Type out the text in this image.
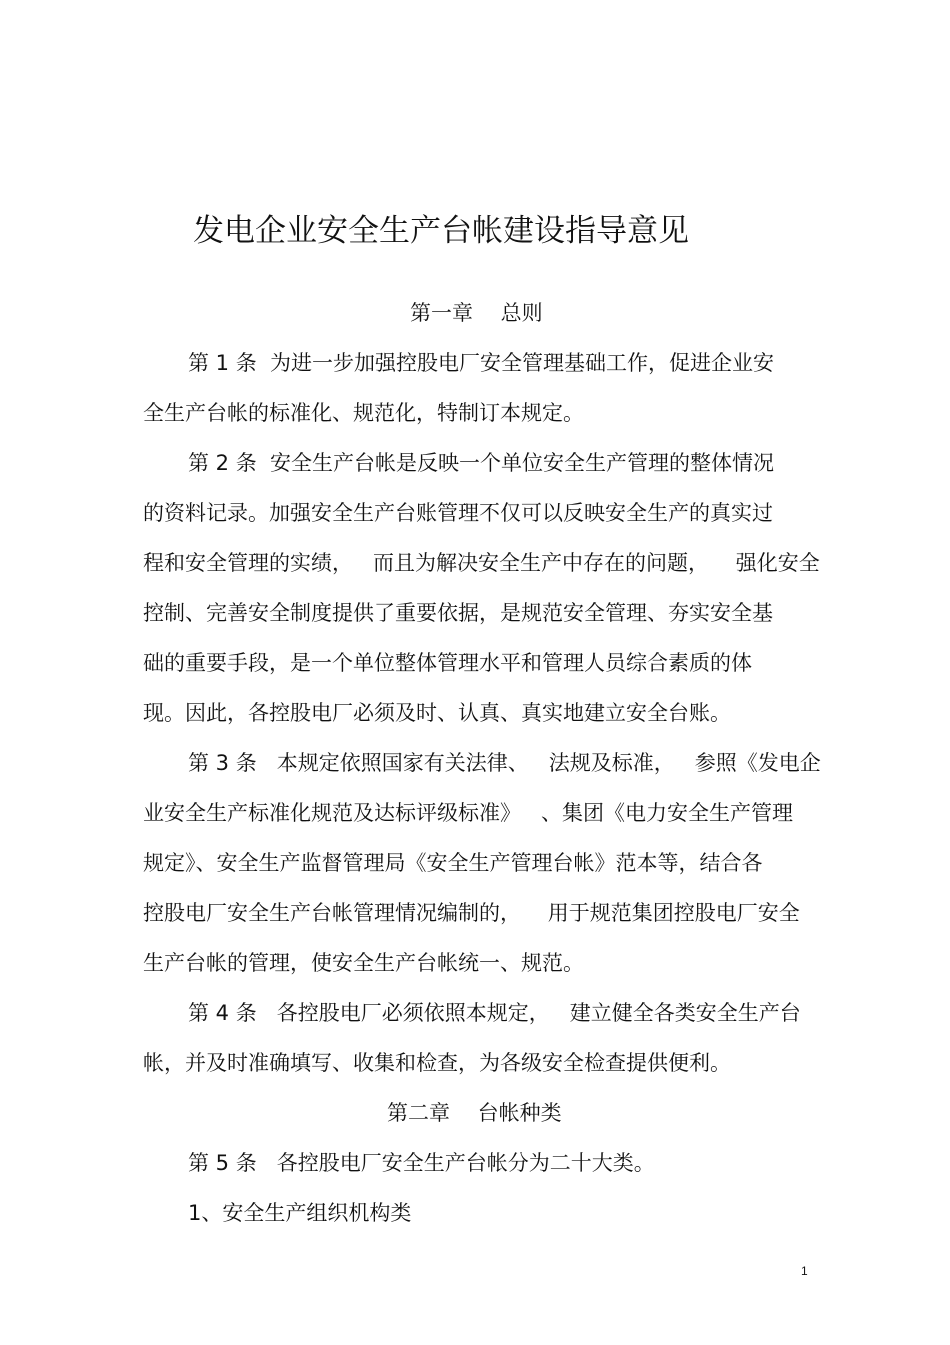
发电企业安全生产台帐建设指导意见
第一章　 总则
第 1 条  为进一步加强控股电厂安全管理基础工作，促进企业安
全生产台帐的标准化、规范化，特制订本规定。
第 2 条  安全生产台帐是反映一个单位安全生产管理的整体情况
的资料记录。加强安全生产台账管理不仅可以反映安全生产的真实过
程和安全管理的实绩，   而且为解决安全生产中存在的问题，    强化安全
控制、完善安全制度提供了重要依据，是规范安全管理、夯实安全基
础的重要手段，是一个单位整体管理水平和管理人员综合素质的体
现。因此，各控股电厂必须及时、认真、真实地建立安全台账。
第 3 条   本规定依照国家有关法律、   法规及标准，   参照《发电企
业安全生产标准化规范及达标评级标准》   、集团《电力安全生产管理
规定》、安全生产监督管理局《安全生产管理台帐》范本等，结合各
控股电厂安全生产台帐管理情况编制的，    用于规范集团控股电厂安全
生产台帐的管理，使安全生产台帐统一、规范。
第 4 条   各控股电厂必须依照本规定，   建立健全各类安全生产台
帐，并及时准确填写、收集和检查，为各级安全检查提供便利。
第二章　 台帐种类
第 5 条   各控股电厂安全生产台帐分为二十大类。
1、安全生产组织机构类
1
